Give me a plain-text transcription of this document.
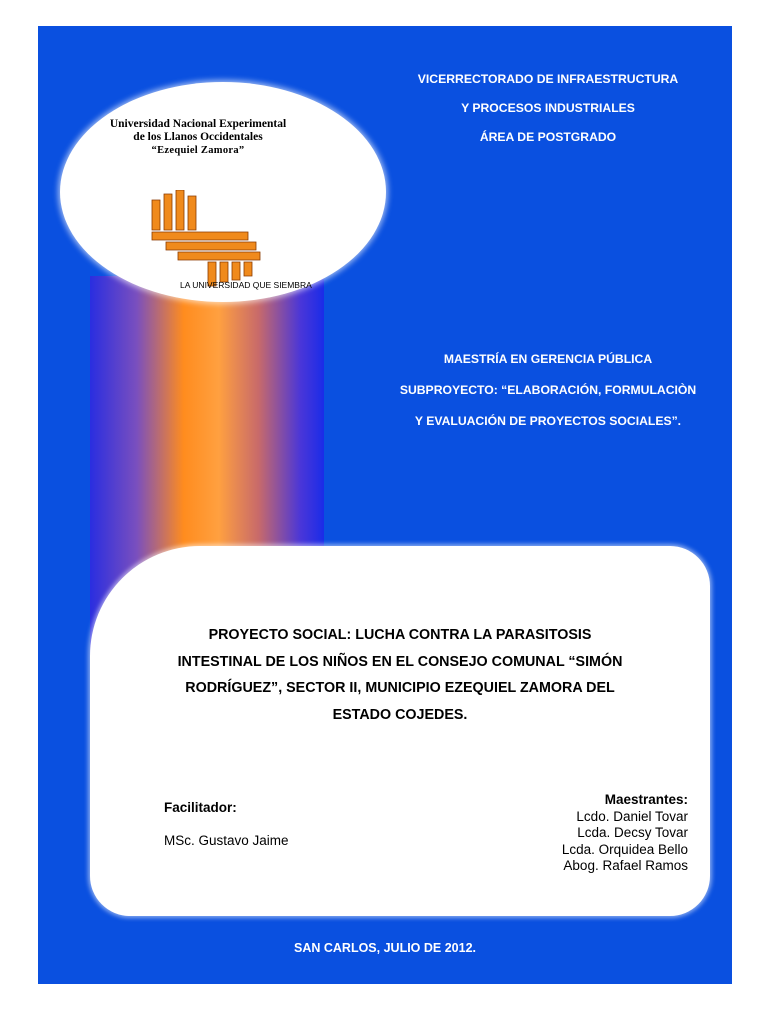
Universidad Nacional Experimental
de los Llanos Occidentales
“Ezequiel Zamora”
LA UNIVERSIDAD QUE SIEMBRA
VICERRECTORADO DE INFRAESTRUCTURA
Y PROCESOS INDUSTRIALES
ÁREA DE POSTGRADO
MAESTRÍA EN GERENCIA PÚBLICA
SUBPROYECTO: “ELABORACIÓN, FORMULACIÒN
Y EVALUACIÓN DE PROYECTOS SOCIALES”.
PROYECTO SOCIAL: LUCHA CONTRA LA PARASITOSIS
INTESTINAL DE LOS NIÑOS EN EL CONSEJO COMUNAL “SIMÓN
RODRÍGUEZ”, SECTOR II, MUNICIPIO EZEQUIEL ZAMORA DEL
ESTADO COJEDES.
Facilitador:
MSc. Gustavo Jaime
Maestrantes:
Lcdo. Daniel Tovar
Lcda. Decsy Tovar
Lcda. Orquidea Bello
Abog. Rafael Ramos
SAN CARLOS, JULIO DE 2012.
